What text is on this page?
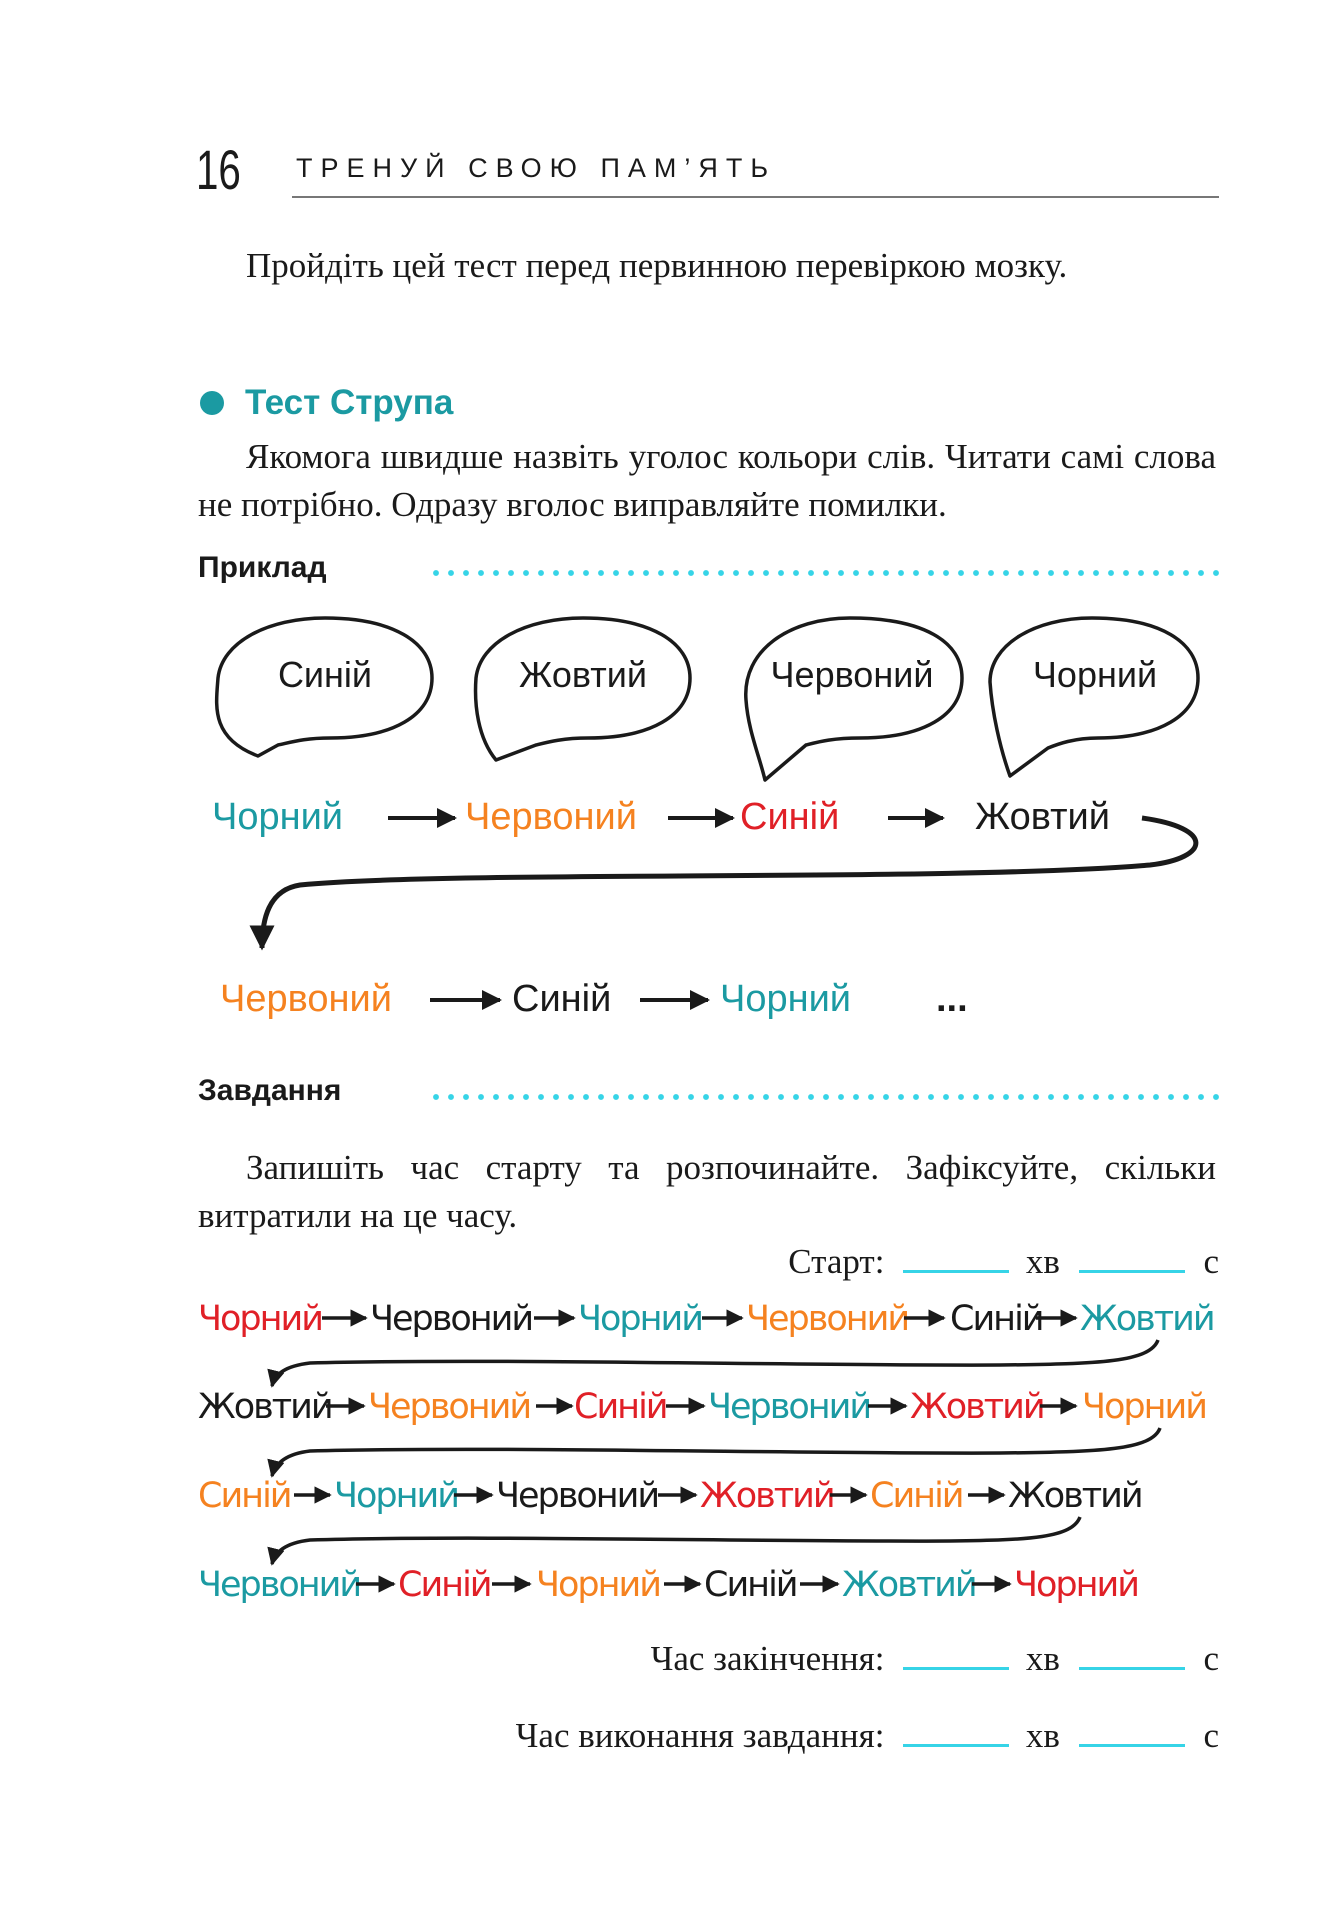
16 ТРЕНУЙ СВОЮ ПАМ’ЯТЬ
Пройдіть цей тест перед первинною перевіркою мозку.
Тест Струпа
Якомога швидше назвіть уголос кольори слів. Читати самі слова не потрібно. Одразу вголос виправляйте помилки.
Приклад
Синій	Жовтий	Червоний	Чорний
Чорний	Червоний	Синій	Жовтий
Червоний	Синій	Чорний ...
Завдання
Запишіть час старту та розпочинайте. Зафіксуйте, скільки витратили на це часу.
Старт:	хв	с
Чорний Червоний Чорний Червоний Синій Жовтий
Жовтий Червоний Синій Червоний Жовтий Чорний
Синій Чорний Червоний Жовтий Синій Жовтий
Червоний Синій Чорний Синій Жовтий Чорний
Час закінчення:	хв	с
Час виконання завдання:	хв	с
